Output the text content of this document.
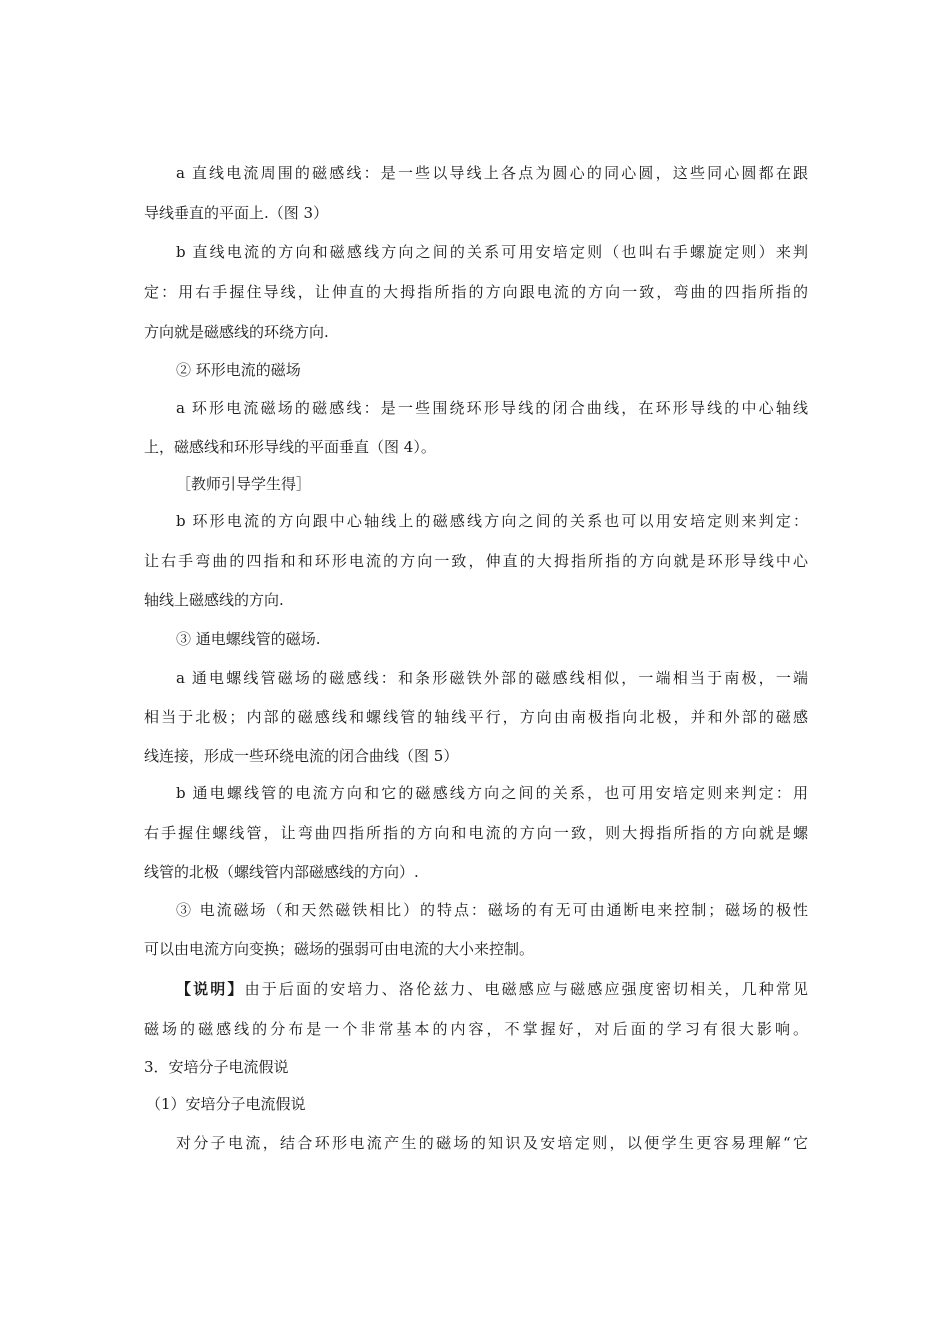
a 直线电流周围的磁感线：是一些以导线上各点为圆心的同心圆，这些同心圆都在跟
导线垂直的平面上.（图 3）
b 直线电流的方向和磁感线方向之间的关系可用安培定则（也叫右手螺旋定则）来判
定：用右手握住导线，让伸直的大拇指所指的方向跟电流的方向一致，弯曲的四指所指的
方向就是磁感线的环绕方向.
② 环形电流的磁场
a 环形电流磁场的磁感线：是一些围绕环形导线的闭合曲线，在环形导线的中心轴线
上，磁感线和环形导线的平面垂直（图 4）。
［教师引导学生得］
b 环形电流的方向跟中心轴线上的磁感线方向之间的关系也可以用安培定则来判定：
让右手弯曲的四指和和环形电流的方向一致，伸直的大拇指所指的方向就是环形导线中心
轴线上磁感线的方向.
③ 通电螺线管的磁场.
a 通电螺线管磁场的磁感线：和条形磁铁外部的磁感线相似，一端相当于南极，一端
相当于北极；内部的磁感线和螺线管的轴线平行，方向由南极指向北极，并和外部的磁感
线连接，形成一些环绕电流的闭合曲线（图 5）
b 通电螺线管的电流方向和它的磁感线方向之间的关系，也可用安培定则来判定：用
右手握住螺线管，让弯曲四指所指的方向和电流的方向一致，则大拇指所指的方向就是螺
线管的北极（螺线管内部磁感线的方向）.
③ 电流磁场（和天然磁铁相比）的特点：磁场的有无可由通断电来控制；磁场的极性
可以由电流方向变换；磁场的强弱可由电流的大小来控制。
【说明】由于后面的安培力、洛伦兹力、电磁感应与磁感应强度密切相关，几种常见
磁场的磁感线的分布是一个非常基本的内容，不掌握好，对后面的学习有很大影响。
3．安培分子电流假说
（1）安培分子电流假说
对分子电流，结合环形电流产生的磁场的知识及安培定则，以便学生更容易理解“它
